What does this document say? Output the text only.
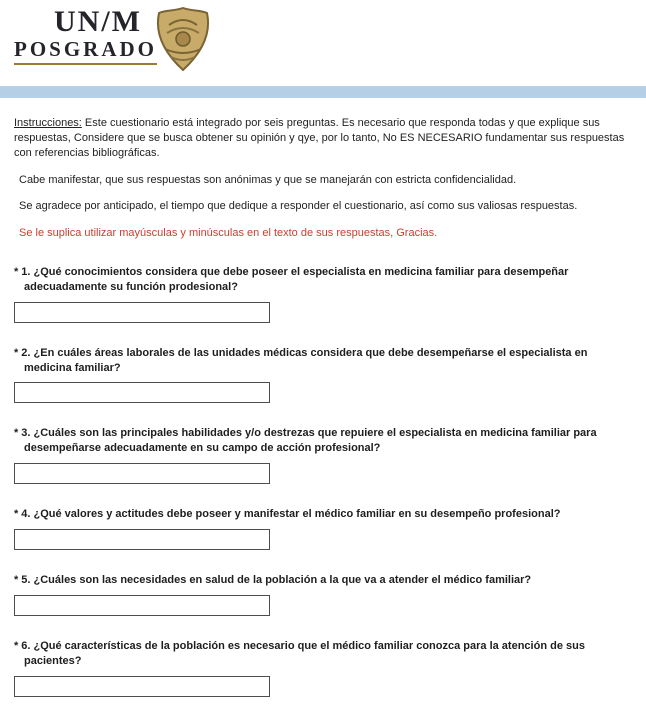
UN/M
POSGRADO

Instrucciones: Este cuestionario está integrado por seis preguntas. Es necesario que responda todas y que explique sus respuestas, Considere que se busca obtener su opinión y qye, por lo tanto, No ES NECESARIO fundamentar sus respuestas con referencias bibliográficas.

Cabe manifestar, que sus respuestas son anónimas y que se manejarán con estricta confidencialidad.

Se agradece por anticipado, el tiempo que dedique a responder el cuestionario, así como sus valiosas respuestas.

Se le suplica utilizar mayúsculas y minúsculas en el texto de sus respuestas, Gracias.

* 1. ¿Qué conocimientos considera que debe poseer el especialista en medicina familiar para desempeñar adecuadamente su función prodesional?

* 2. ¿En cuáles áreas laborales de las unidades médicas considera que debe desempeñarse el especialista en medicina familiar?

* 3. ¿Cuáles son las principales habilidades y/o destrezas que repuiere el especialista en medicina familiar para desempeñarse adecuadamente en su campo de acción profesional?

* 4. ¿Qué valores y actitudes debe poseer y manifestar el médico familiar en su desempeño profesional?

* 5. ¿Cuáles son las necesidades en salud de la población a la que va a atender el médico familiar?

* 6. ¿Qué características de la población es necesario que el médico familiar conozca para la atención de sus pacientes?
